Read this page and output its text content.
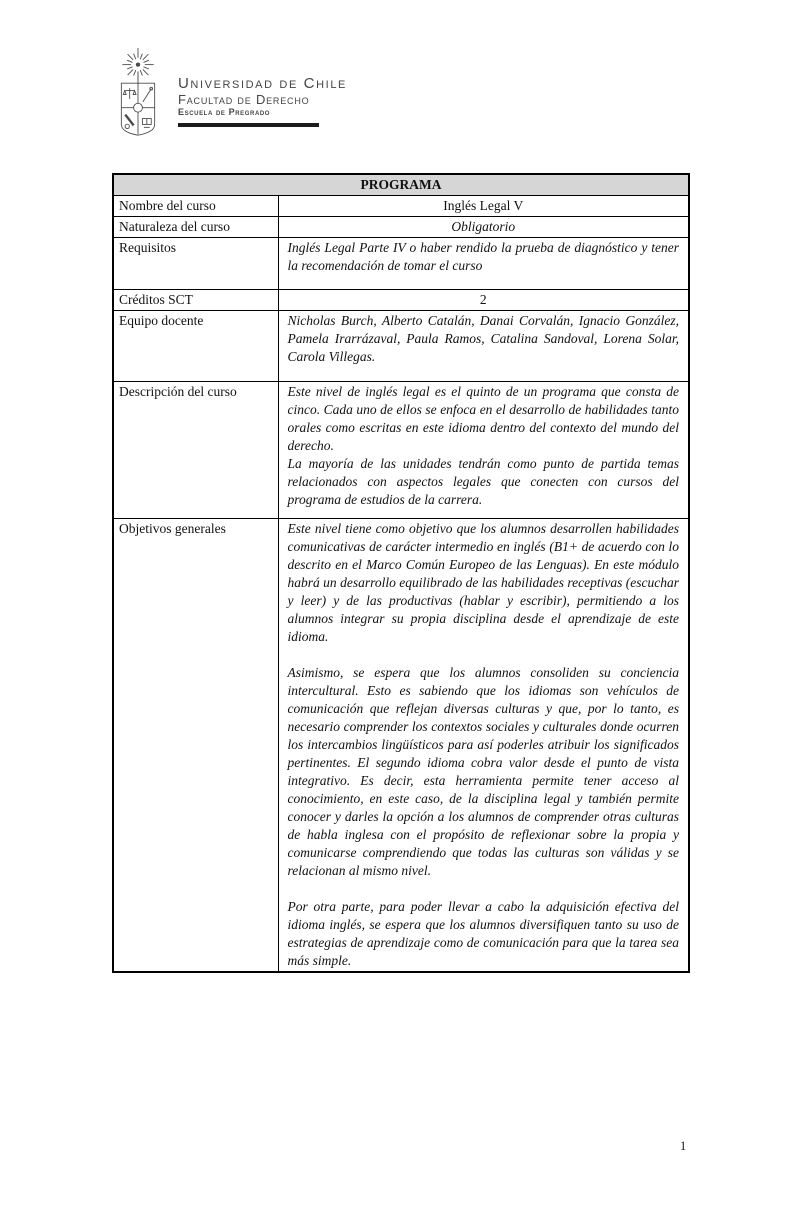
Universidad de Chile
Facultad de Derecho
Escuela de Pregrado
PROGRAMA	
Nombre del curso	Inglés Legal V
Naturaleza del curso	Obligatorio
Requisitos	Inglés Legal Parte IV o haber rendido la prueba de diagnóstico y tener la recomendación de tomar el curso
Créditos SCT	2
Equipo docente	Nicholas Burch, Alberto Catalán, Danai Corvalán, Ignacio González, Pamela Irarrázaval, Paula Ramos, Catalina Sandoval, Lorena Solar, Carola Villegas.
Descripción del curso	Este nivel de inglés legal es el quinto de un programa que consta de cinco. Cada uno de ellos se enfoca en el desarrollo de habilidades tanto orales como escritas en este idioma dentro del contexto del mundo del derecho.

La mayoría de las unidades tendrán como punto de partida temas relacionados con aspectos legales que conecten con cursos del programa de estudios de la carrera.

Objetivos generales	Este nivel tiene como objetivo que los alumnos desarrollen habilidades comunicativas de carácter intermedio en inglés (B1+ de acuerdo con lo descrito en el Marco Común Europeo de las Lenguas). En este módulo habrá un desarrollo equilibrado de las habilidades receptivas (escuchar y leer) y de las productivas (hablar y escribir), permitiendo a los alumnos integrar su propia disciplina desde el aprendizaje de este idioma.

Asimismo, se espera que los alumnos consoliden su conciencia intercultural. Esto es sabiendo que los idiomas son vehículos de comunicación que reflejan diversas culturas y que, por lo tanto, es necesario comprender los contextos sociales y culturales donde ocurren los intercambios lingüísticos para así poderles atribuir los significados pertinentes. El segundo idioma cobra valor desde el punto de vista integrativo. Es decir, esta herramienta permite tener acceso al conocimiento, en este caso, de la disciplina legal y también permite conocer y darles la opción a los alumnos de comprender otras culturas de habla inglesa con el propósito de reflexionar sobre la propia y comunicarse comprendiendo que todas las culturas son válidas y se relacionan al mismo nivel.

Por otra parte, para poder llevar a cabo la adquisición efectiva del idioma inglés, se espera que los alumnos diversifiquen tanto su uso de estrategias de aprendizaje como de comunicación para que la tarea sea más simple.

1
